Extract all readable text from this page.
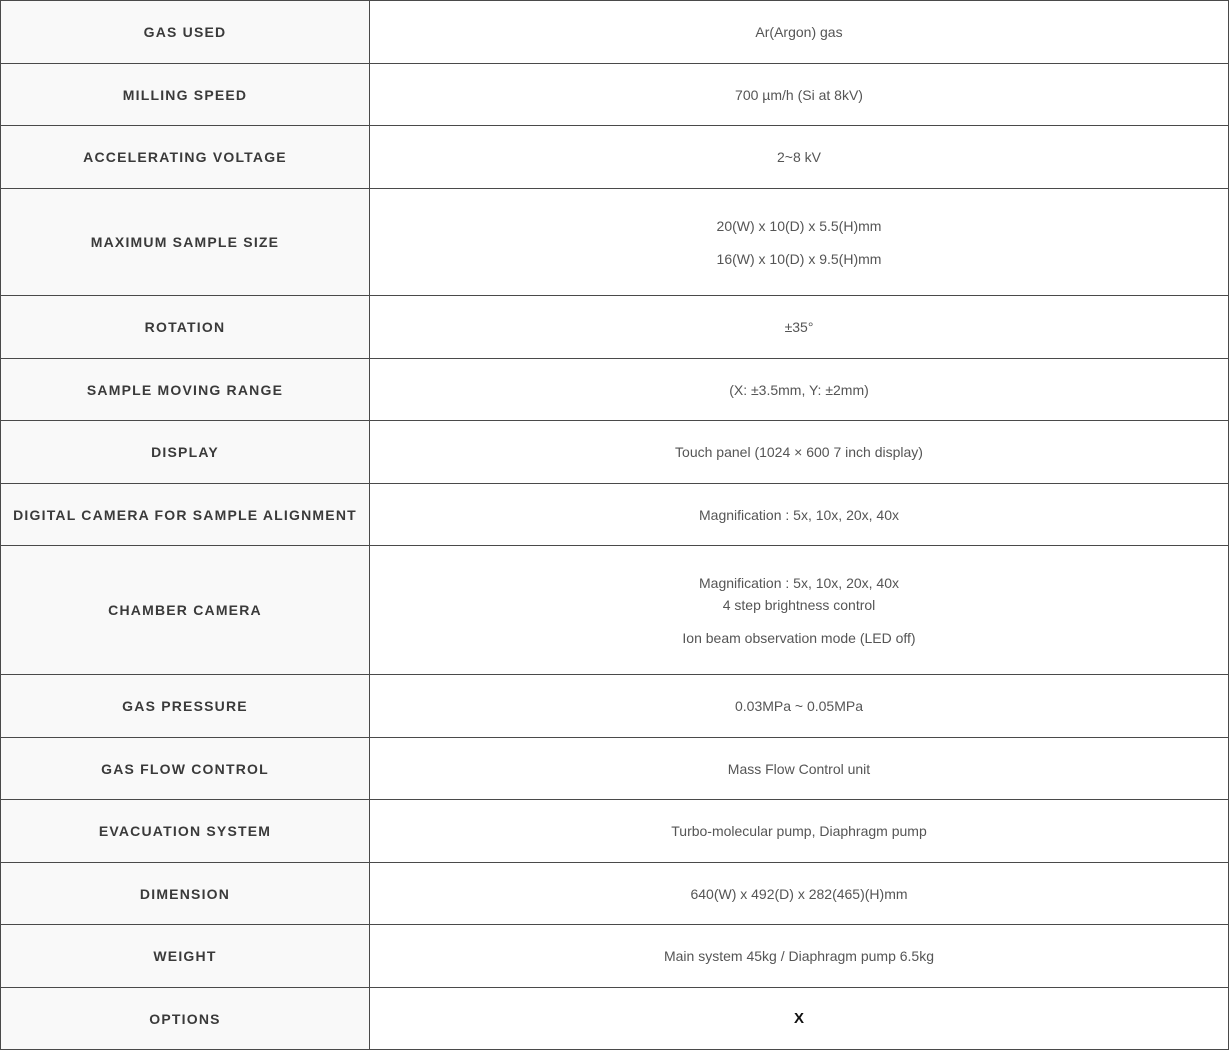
GAS USED	Ar(Argon) gas

MILLING SPEED	700 µm/h (Si at 8kV)

ACCELERATING VOLTAGE	2~8 kV

MAXIMUM SAMPLE SIZE	20(W) x 10(D) x 5.5(H)mm
16(W) x 10(D) x 9.5(H)mm

ROTATION	±35°

SAMPLE MOVING RANGE	(X: ±3.5mm, Y: ±2mm)

DISPLAY	Touch panel (1024 × 600 7 inch display)

DIGITAL CAMERA FOR SAMPLE ALIGNMENT	Magnification : 5x, 10x, 20x, 40x

CHAMBER CAMERA	Magnification : 5x, 10x, 20x, 40x
4 step brightness control
Ion beam observation mode (LED off)

GAS PRESSURE	0.03MPa ~ 0.05MPa

GAS FLOW CONTROL	Mass Flow Control unit

EVACUATION SYSTEM	Turbo-molecular pump, Diaphragm pump

DIMENSION	640(W) x 492(D) x 282(465)(H)mm

WEIGHT	Main system 45kg / Diaphragm pump 6.5kg

OPTIONS	X
